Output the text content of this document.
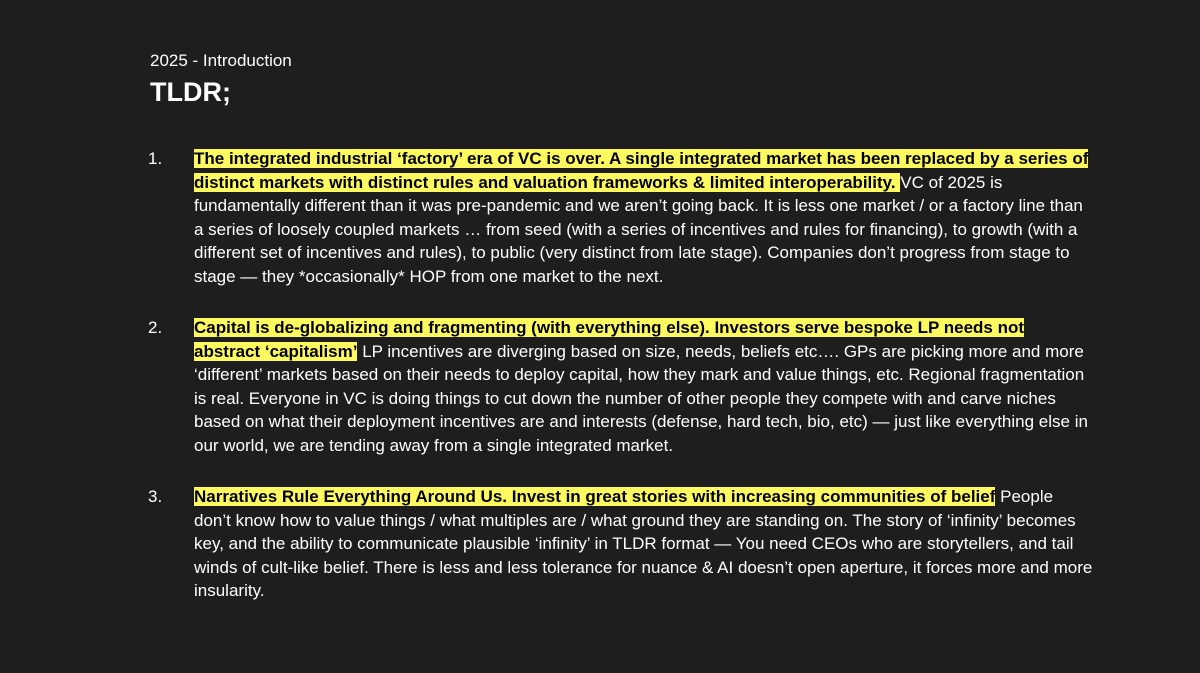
2025 - Introduction
TLDR;
1. The integrated industrial ‘factory’ era of VC is over. A single integrated market has been replaced by a series of distinct markets with distinct rules and valuation frameworks & limited interoperability. VC of 2025 is fundamentally different than it was pre-pandemic and we aren’t going back. It is less one market / or a factory line than a series of loosely coupled markets … from seed (with a series of incentives and rules for financing), to growth (with a different set of incentives and rules), to public (very distinct from late stage). Companies don’t progress from stage to stage — they *occasionally* HOP from one market to the next.
2. Capital is de-globalizing and fragmenting (with everything else). Investors serve bespoke LP needs not abstract ‘capitalism’ LP incentives are diverging based on size, needs, beliefs etc…. GPs are picking more and more ‘different’ markets based on their needs to deploy capital, how they mark and value things, etc. Regional fragmentation is real. Everyone in VC is doing things to cut down the number of other people they compete with and carve niches based on what their deployment incentives are and interests (defense, hard tech, bio, etc) — just like everything else in our world, we are tending away from a single integrated market.
3. Narratives Rule Everything Around Us. Invest in great stories with increasing communities of belief People don’t know how to value things / what multiples are / what ground they are standing on. The story of ‘infinity’ becomes key, and the ability to communicate plausible ‘infinity’ in TLDR format — You need CEOs who are storytellers, and tail winds of cult-like belief. There is less and less tolerance for nuance & AI doesn’t open aperture, it forces more and more insularity.
